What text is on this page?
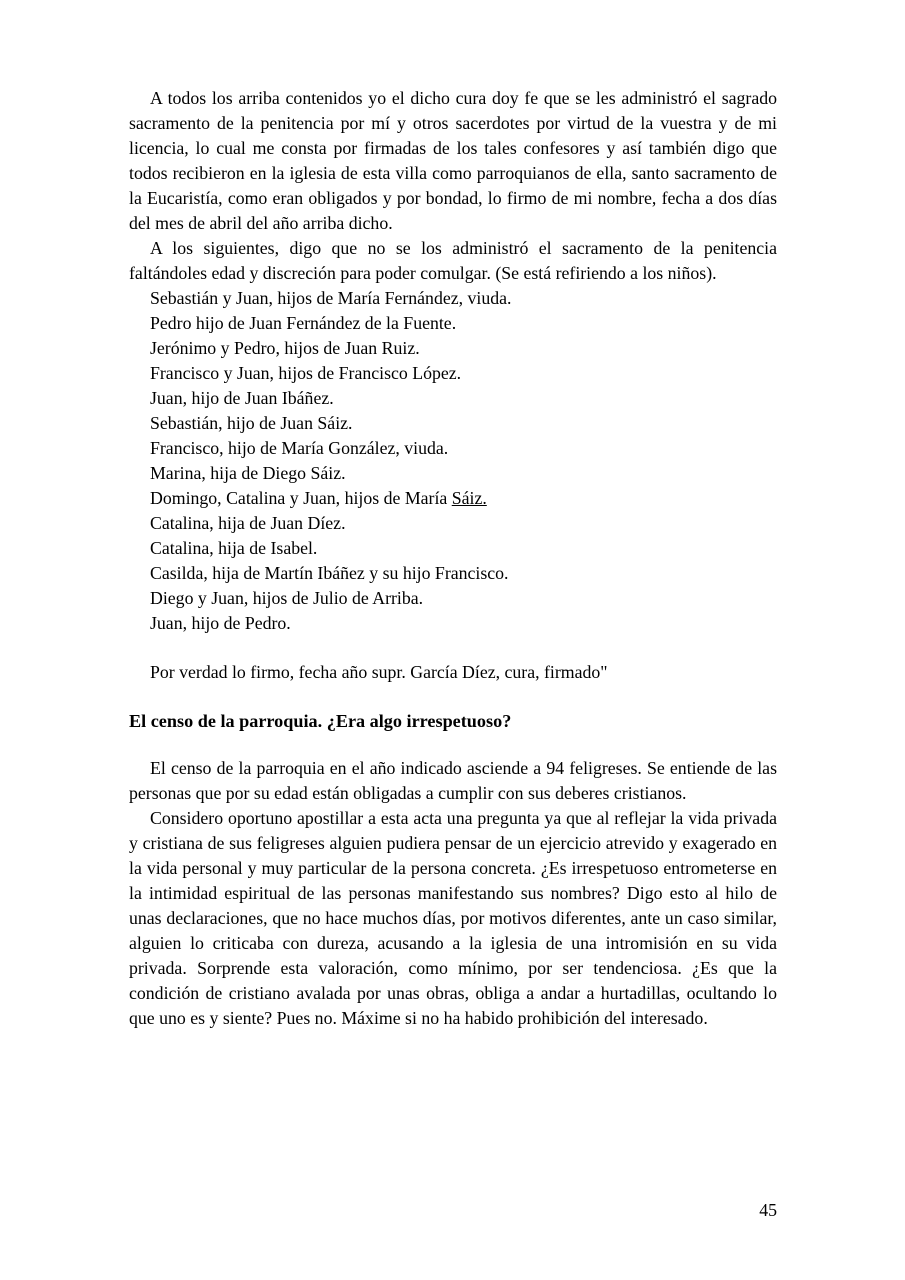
A todos los arriba contenidos yo el dicho cura doy fe que se les administró el sagrado sacramento de la penitencia por mí y otros sacerdotes por virtud de la vuestra y de mi licencia, lo cual me consta por firmadas de los tales confesores y así también digo que todos recibieron en la iglesia de esta villa como parroquianos de ella, santo sacramento de la Eucaristía, como eran obligados y por bondad, lo firmo de mi nombre, fecha a dos días del mes de abril del año arriba dicho.

A los siguientes, digo que no se los administró el sacramento de la penitencia faltándoles edad y discreción para poder comulgar. (Se está refiriendo a los niños).

Sebastián y Juan, hijos de María Fernández, viuda.
Pedro hijo de Juan Fernández de la Fuente.
Jerónimo y Pedro, hijos de Juan Ruiz.
Francisco y Juan, hijos de Francisco López.
Juan, hijo de Juan Ibáñez.
Sebastián, hijo de Juan Sáiz.
Francisco, hijo de María González, viuda.
Marina, hija de Diego Sáiz.
Domingo, Catalina y Juan, hijos de María Sáiz.
Catalina, hija de Juan Díez.
Catalina, hija de Isabel.
Casilda, hija de Martín Ibáñez y su hijo Francisco.
Diego y Juan, hijos de Julio de Arriba.
Juan, hijo de Pedro.

Por verdad lo firmo, fecha año supr. García Díez, cura, firmado"

El censo de la parroquia. ¿Era algo irrespetuoso?

El censo de la parroquia en el año indicado asciende a 94 feligreses. Se entiende de las personas que por su edad están obligadas a cumplir con sus deberes cristianos.

Considero oportuno apostillar a esta acta una pregunta ya que al reflejar la vida privada y cristiana de sus feligreses alguien pudiera pensar de un ejercicio atrevido y exagerado en la vida personal y muy particular de la persona concreta. ¿Es irrespetuoso entrometerse en la intimidad espiritual de las personas manifestando sus nombres? Digo esto al hilo de unas declaraciones, que no hace muchos días, por motivos diferentes, ante un caso similar, alguien lo criticaba con dureza, acusando a la iglesia de una intromisión en su vida privada. Sorprende esta valoración, como mínimo, por ser tendenciosa. ¿Es que la condición de cristiano avalada por unas obras, obliga a andar a hurtadillas, ocultando lo que uno es y siente? Pues no. Máxime si no ha habido prohibición del interesado.

45
